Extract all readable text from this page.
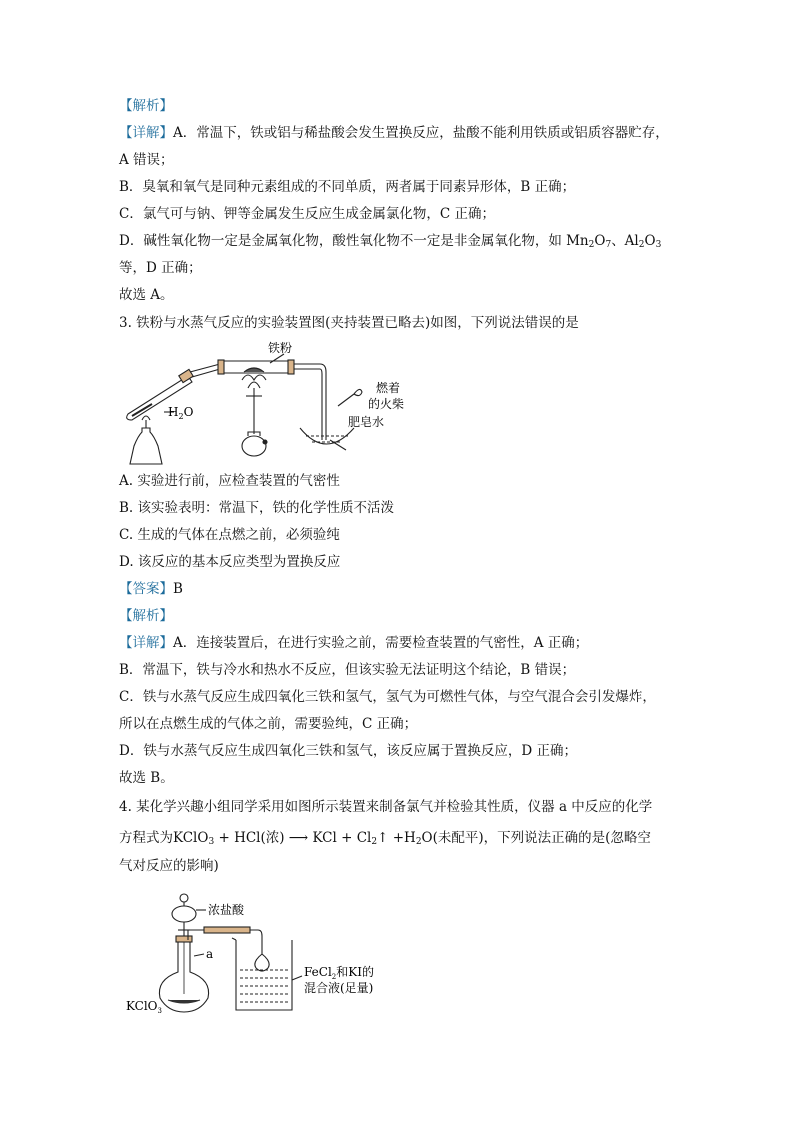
【解析】
【详解】A．常温下，铁或铝与稀盐酸会发生置换反应，盐酸不能利用铁质或铝质容器贮存，
A 错误；
B．臭氧和氧气是同种元素组成的不同单质，两者属于同素异形体，B 正确；
C．氯气可与钠、钾等金属发生反应生成金属氯化物，C 正确；
D．碱性氧化物一定是金属氧化物，酸性氧化物不一定是非金属氧化物，如 $Mn_2O_7$、$Al_2O_3$
等，D 正确；
故选 A。
3. 铁粉与水蒸气反应的实验装置图(夹持装置已略去)如图，下列说法错误的是
铁粉
$H_2O$
燃着
的火柴
肥皂水
A. 实验进行前，应检查装置的气密性
B. 该实验表明：常温下，铁的化学性质不活泼
C. 生成的气体在点燃之前，必须验纯
D. 该反应的基本反应类型为置换反应
【答案】B
【解析】
【详解】A．连接装置后，在进行实验之前，需要检查装置的气密性，A 正确；
B．常温下，铁与冷水和热水不反应，但该实验无法证明这个结论，B 错误；
C．铁与水蒸气反应生成四氧化三铁和氢气，氢气为可燃性气体，与空气混合会引发爆炸，
所以在点燃生成的气体之前，需要验纯，C 正确；
D．铁与水蒸气反应生成四氧化三铁和氢气，该反应属于置换反应，D 正确；
故选 B。
4. 某化学兴趣小组同学采用如图所示装置来制备氯气并检验其性质，仪器 a 中反应的化学
方程式为KClO$_3$ + HCl(浓) ⟶ KCl + $Cl_2↑ +H_2O$(未配平)，下列说法正确的是(忽略空
气对反应的影响)
浓盐酸
a
FeCl$_2$和KI的
混合液(足量)
KClO$_3$
